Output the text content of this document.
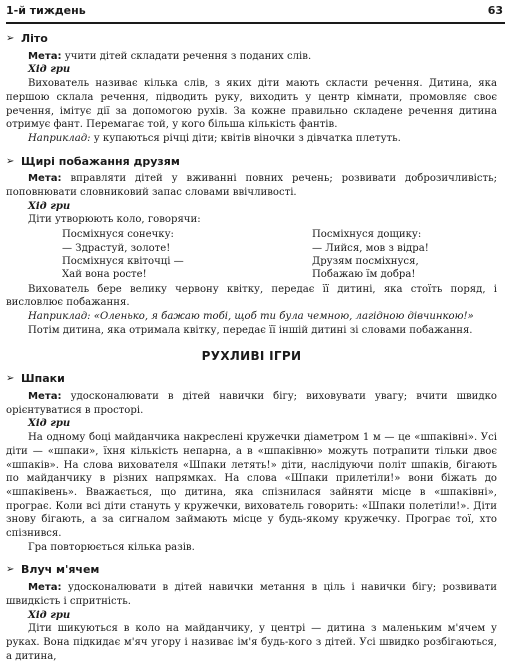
1-й тиждень	63
➢ Літо

Мета: учити дітей складати речення з поданих слів.

Хід гри

Вихователь називає кілька слів, з яких діти мають скласти речення. Дитина, яка першою склала речення, підводить руку, виходить у центр кімнати, промовляє своє речення, імітує дії за допомогою рухів. За кожне правильно складене речення дитина отримує фант. Перемагає той, у кого більша кількість фантів.

Наприклад: у купаються річці діти; квітів віночки з дівчатка плетуть.

➢ Щирі побажання друзям

Мета: вправляти дітей у вживанні повних речень; розвивати доброзичливість; поповнювати словниковий запас словами ввічливості.

Хід гри

Діти утворюють коло, говорячи:

Посміхнуся сонечку:
— Здрастуй, золоте!
Посміхнуся квіточці —
Хай вона росте!
Посміхнуся дощику:
— Лийся, мов з відра!
Друзям посміхнуся,
Побажаю їм добра!

Вихователь бере велику червону квітку, передає її дитині, яка стоїть поряд, і висловлює побажання.

Наприклад: «Оленько, я бажаю тобі, щоб ти була чемною, лагідною дівчинкою!»

Потім дитина, яка отримала квітку, передає її іншій дитині зі словами побажання.

РУХЛИВІ ІГРИ
➢ Шпаки

Мета: удосконалювати в дітей навички бігу; виховувати увагу; вчити швидко орієнтуватися в просторі.

Хід гри

На одному боці майданчика накреслені кружечки діаметром 1 м — це «шпаківні». Усі діти — «шпаки», їхня кількість непарна, а в «шпаківню» можуть потрапити тільки двоє «шпаків». На слова вихователя «Шпаки летять!» діти, наслідуючи політ шпаків, бігають по майданчику в різних напрямках. На слова «Шпаки прилетіли!» вони біжать до «шпаківень». Вважається, що дитина, яка спізнилася зайняти місце в «шпаківні», програє. Коли всі діти стануть у кружечки, вихователь говорить: «Шпаки полетіли!». Діти знову бігають, а за сигналом займають місце у будь-якому кружечку. Програє тої, хто спізнився.

Гра повторюється кілька разів.

➢ Влуч м'ячем

Мета: удосконалювати в дітей навички метання в ціль і навички бігу; розвивати швидкість і спритність.

Хід гри

Діти шикуються в коло на майданчику, у центрі — дитина з маленьким м'ячем у руках. Вона підкидає м'яч угору і називає ім'я будь-кого з дітей. Усі швидко розбігаються, а дитина,
